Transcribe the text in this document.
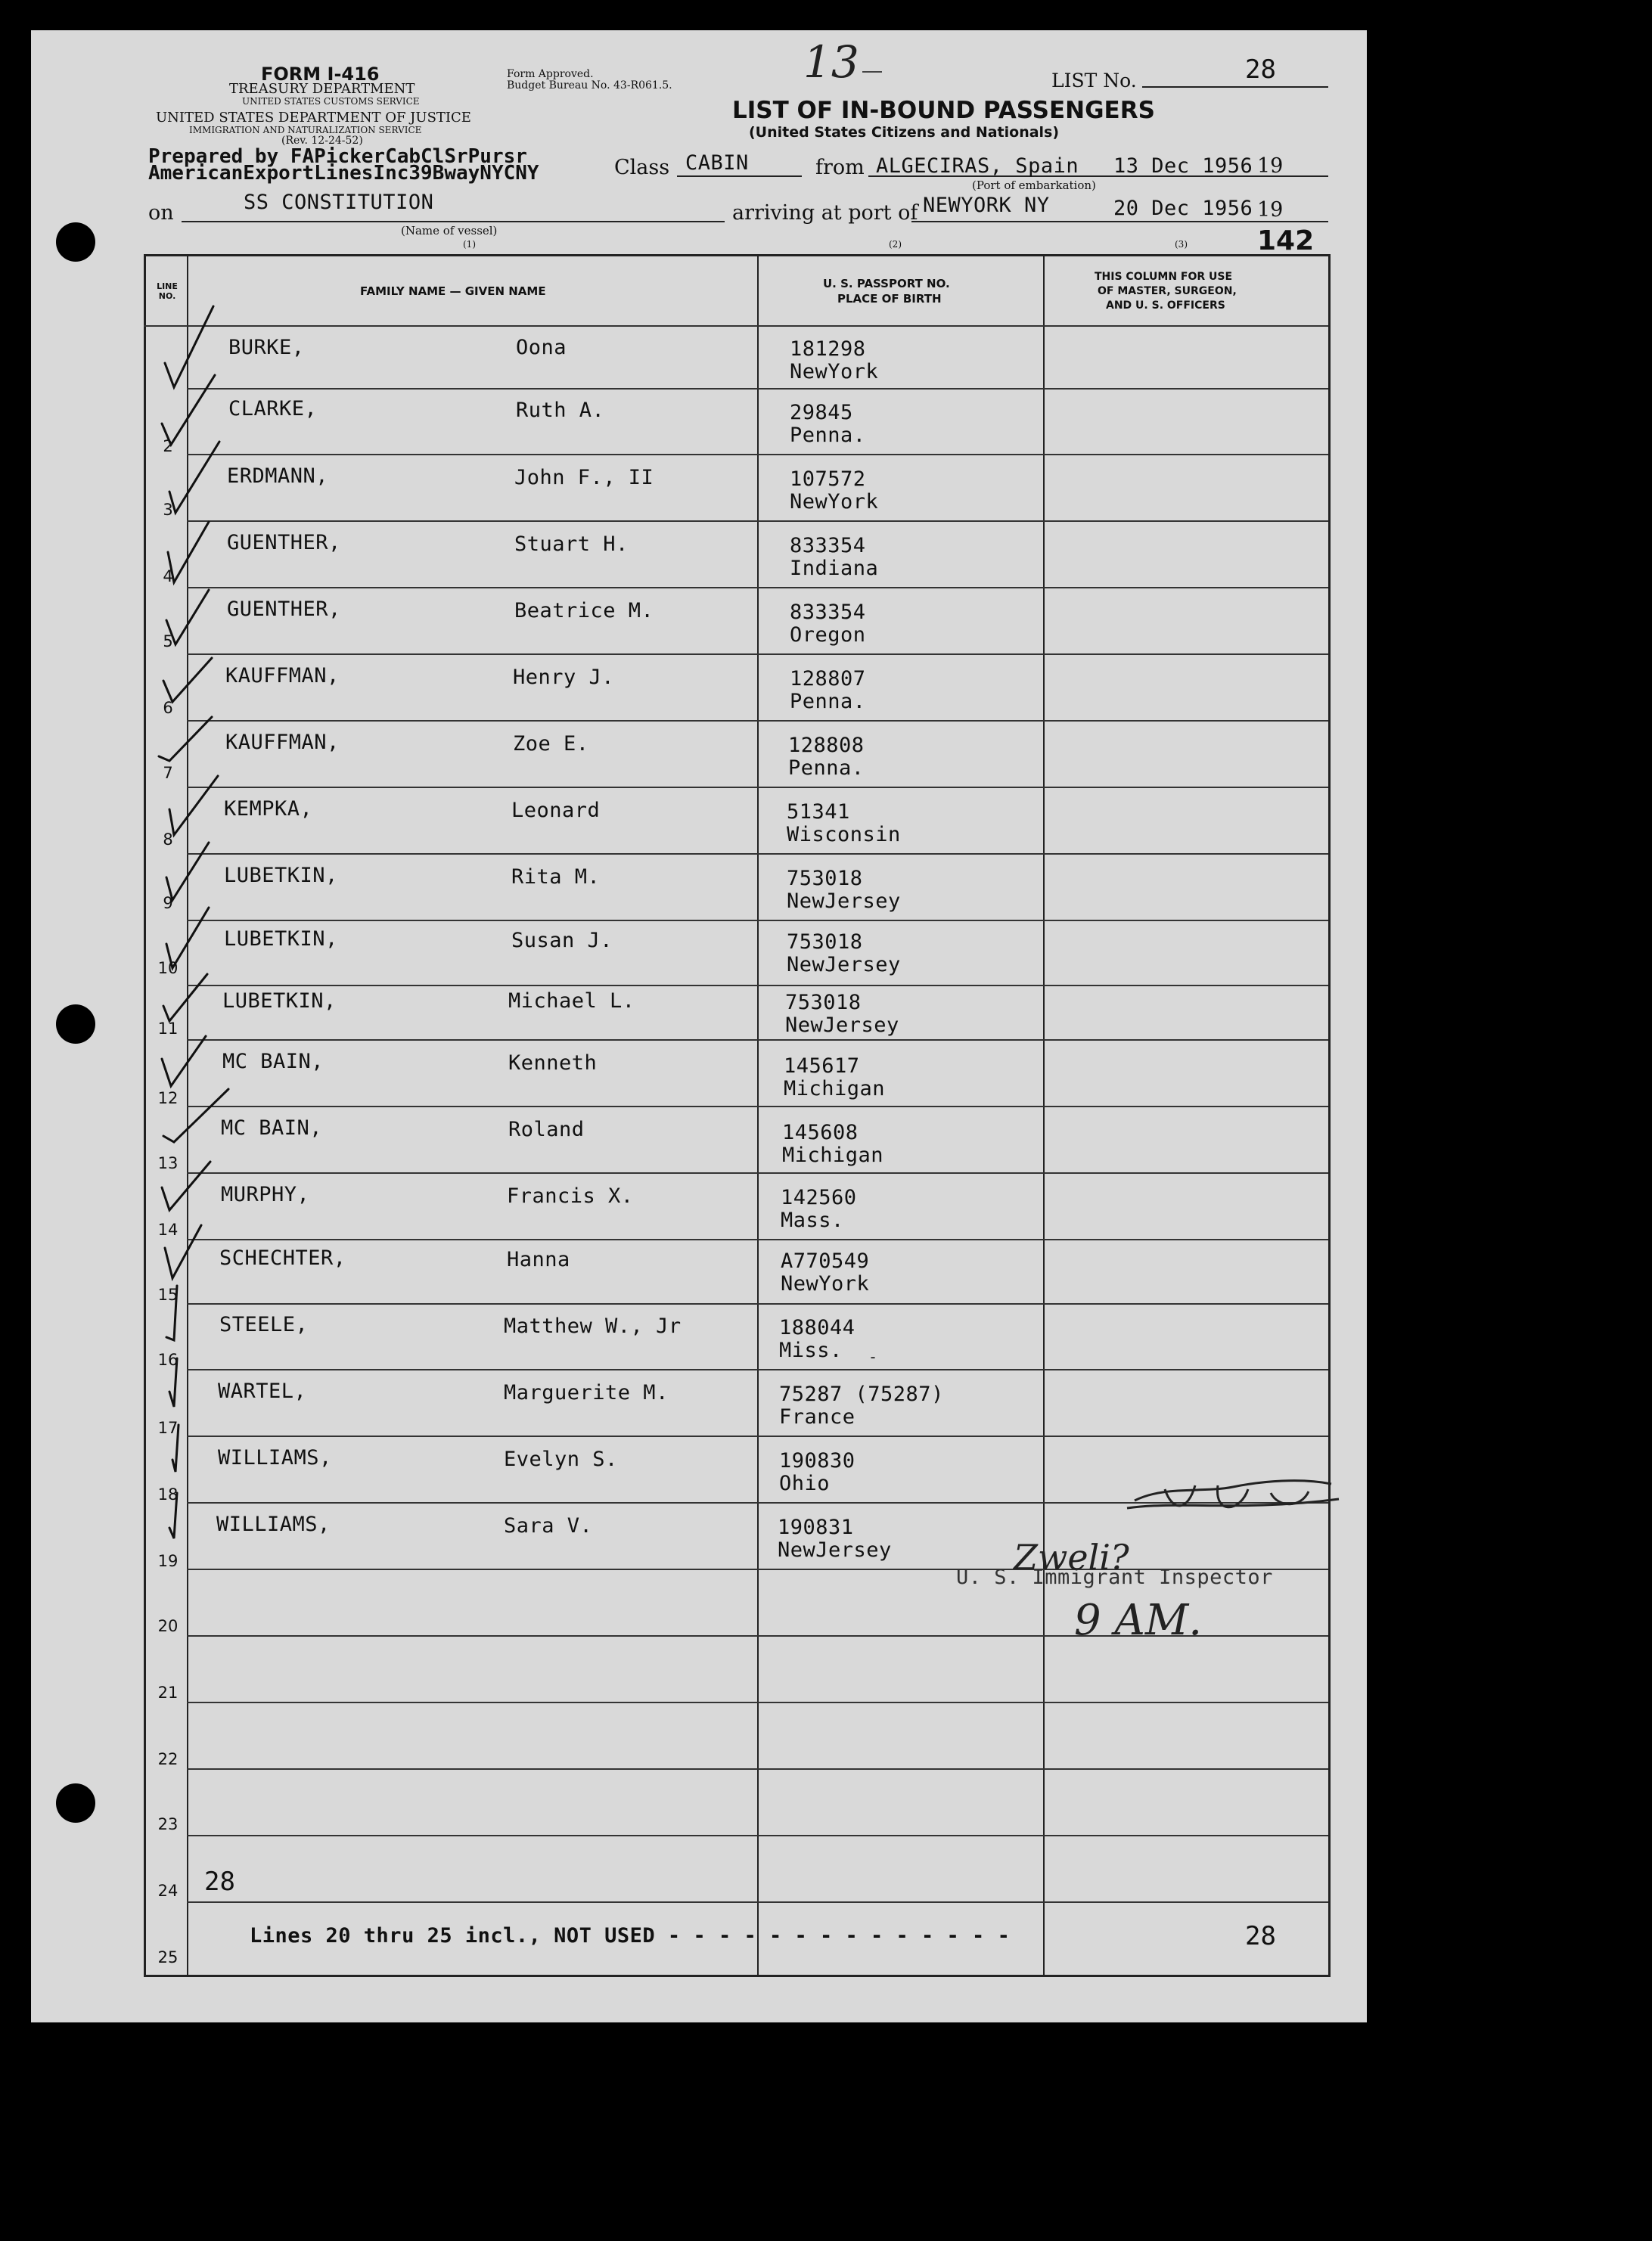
FORM I-416
TREASURY DEPARTMENT
UNITED STATES CUSTOMS SERVICE
UNITED STATES DEPARTMENT OF JUSTICE
IMMIGRATION AND NATURALIZATION SERVICE
(Rev. 12-24-52)
Form Approved.
Budget Bureau No. 43-R061.5.
LIST OF IN-BOUND PASSENGERS
(United States Citizens and Nationals)
13	LIST No.	28
Prepared by FAPickerCabClSrPursr
AmericanExportLinesInc39BwayNYCNY	Class CABIN	from ALGECIRAS, Spain 13 Dec 1956 19
(Port of embarkation)
on	SS CONSTITUTION
(Name of vessel)
(1)
arriving at port of NEWYORK NY	20 Dec 1956 19
(2)	(3)	142
LINE NO.	FAMILY NAME — GIVEN NAME
U. S. PASSPORT NO.
PLACE OF BIRTH
THIS COLUMN FOR USE
OF MASTER, SURGEON,
AND U. S. OFFICERS
BURKE,	Oona	181298
NewYork
CLARKE,	Ruth A.	29845
Penna.
2
ERDMANN,	John F., II	107572
NewYork
3
GUENTHER,	Stuart H.	833354
Indiana
4
GUENTHER,	Beatrice M.	833354
Oregon
5
KAUFFMAN,	Henry J.	128807
Penna.
6
KAUFFMAN,	Zoe E.	128808
Penna.
7
KEMPKA,	Leonard	51341
Wisconsin
8
LUBETKIN,	Rita M.	753018
NewJersey
9
LUBETKIN,	Susan J.	753018
NewJersey
10
LUBETKIN,	Michael L.	753018
NewJersey
11
MC BAIN,	Kenneth	145617
Michigan
12
MC BAIN,	Roland	145608
Michigan
13
MURPHY,	Francis X.	142560
Mass.
14
SCHECHTER,	Hanna	A770549
NewYork
15
STEELE,	Matthew W., Jr	188044
Miss.
16
WARTEL,	Marguerite M.	75287 (75287)
France
17
WILLIAMS,	Evelyn S.	190830
Ohio
18
WILLIAMS,	Sara V.	190831
NewJersey
19
20
21
22
23
24
25
28
Lines 20 thru 25 incl., NOT USED - - - - - - - - - - - - - -	28
U. S. Immigrant Inspector
Zweli?
9 AM.
-
